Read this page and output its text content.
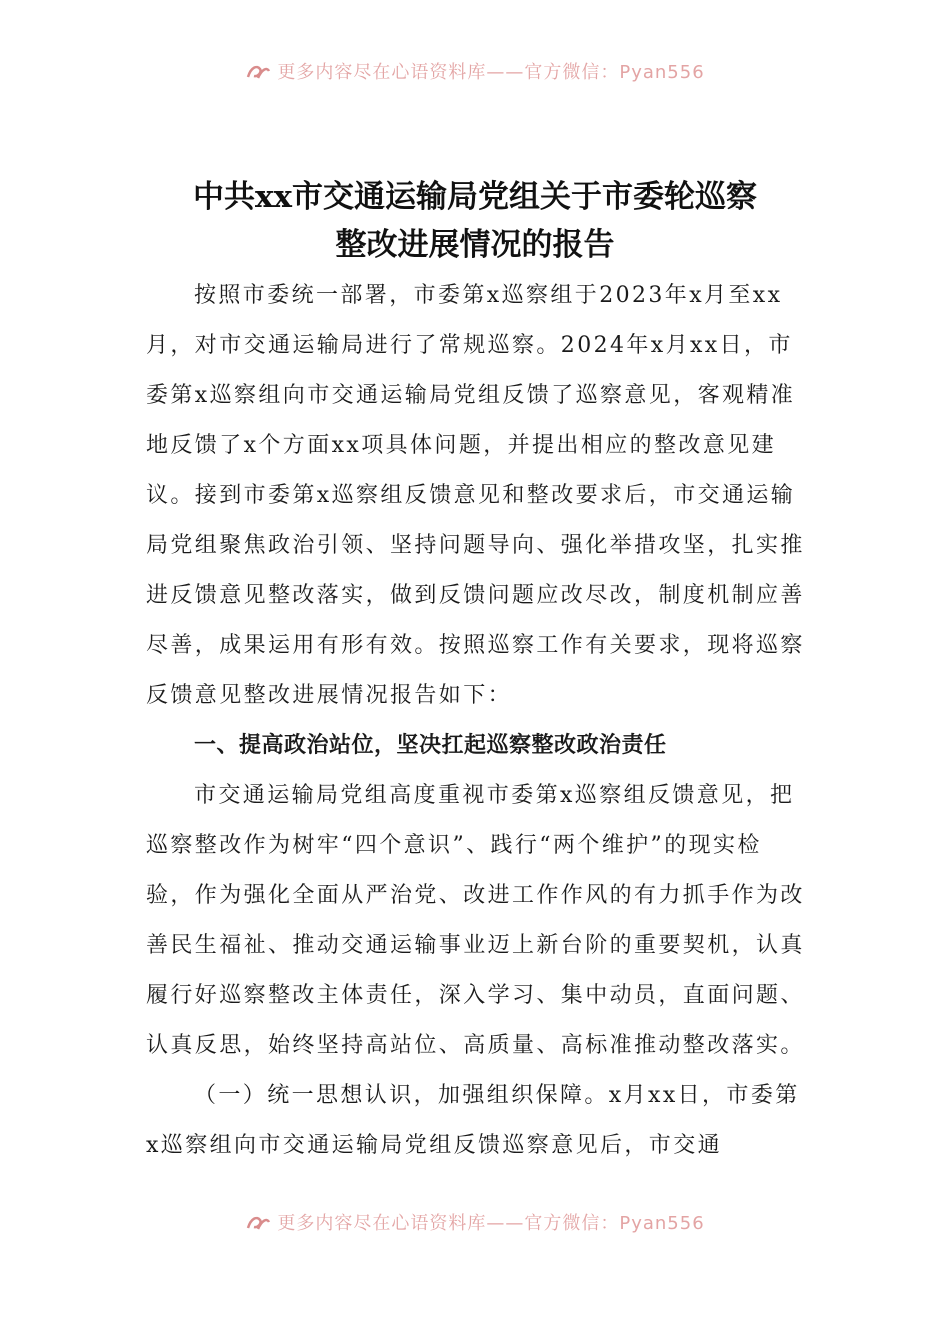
更多内容尽在心语资料库——官方微信：Pyan556
中共xx市交通运输局党组关于市委轮巡察
整改进展情况的报告

按照市委统一部署，市委第x巡察组于2023年x月至xx月，对市交通运输局进行了常规巡察。2024年x月xx日，市委第x巡察组向市交通运输局党组反馈了巡察意见，客观精准地反馈了x个方面xx项具体问题，并提出相应的整改意见建议。接到市委第x巡察组反馈意见和整改要求后，市交通运输局党组聚焦政治引领、坚持问题导向、强化举措攻坚，扎实推进反馈意见整改落实，做到反馈问题应改尽改，制度机制应善尽善，成果运用有形有效。按照巡察工作有关要求，现将巡察反馈意见整改进展情况报告如下：

一、提高政治站位，坚决扛起巡察整改政治责任

市交通运输局党组高度重视市委第x巡察组反馈意见，把巡察整改作为树牢“四个意识”、践行“两个维护”的现实检验，作为强化全面从严治党、改进工作作风的有力抓手作为改善民生福祉、推动交通运输事业迈上新台阶的重要契机，认真履行好巡察整改主体责任，深入学习、集中动员，直面问题、认真反思，始终坚持高站位、高质量、高标准推动整改落实。

（一）统一思想认识，加强组织保障。x月xx日，市委第x巡察组向市交通运输局党组反馈巡察意见后，市交通

更多内容尽在心语资料库——官方微信：Pyan556
